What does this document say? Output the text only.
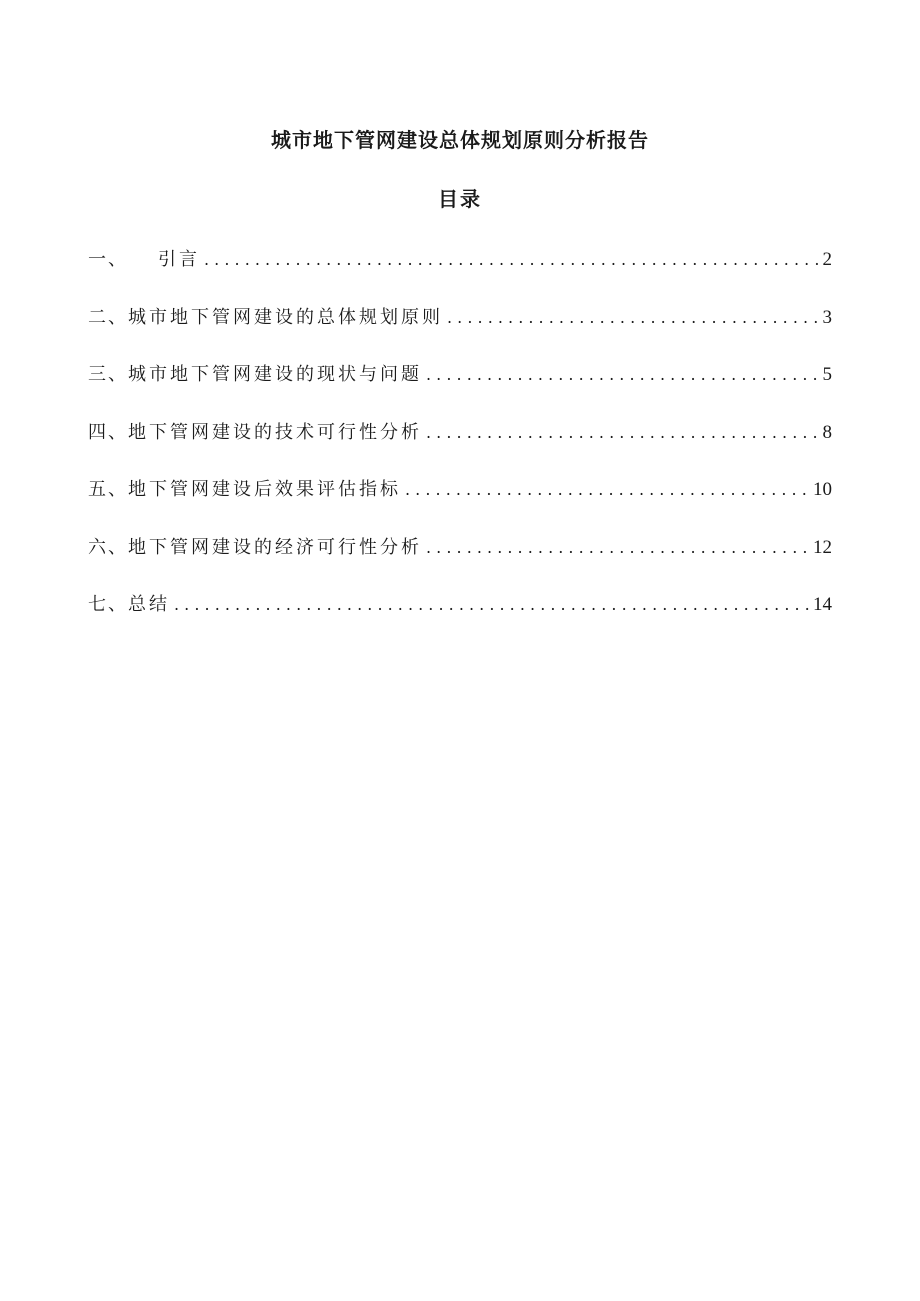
城市地下管网建设总体规划原则分析报告
目录
一、 引言 . . .	2
二、 城市地下管网建设的总体规划原则 . . .	3
三、 城市地下管网建设的现状与问题 . . .	5
四、 地下管网建设的技术可行性分析 . . .	8
五、 地下管网建设后效果评估指标 . . .	10
六、 地下管网建设的经济可行性分析 . . .	12
七、 总结 . . .	14
